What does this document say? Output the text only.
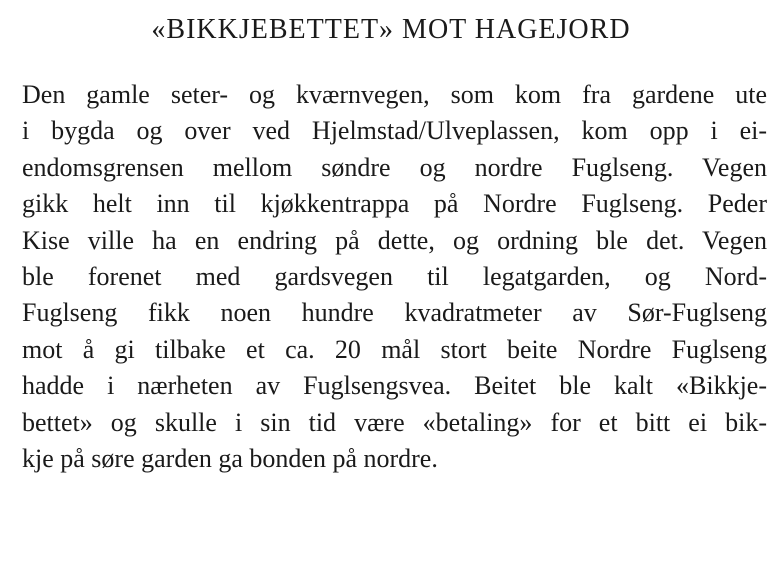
«BIKKJEBETTET» MOT HAGEJORD
Den gamle seter- og kværnvegen, som kom fra gardene ute
i bygda og over ved Hjelmstad/Ulveplassen, kom opp i ei-
endomsgrensen mellom søndre og nordre Fuglseng. Vegen
gikk helt inn til kjøkkentrappa på Nordre Fuglseng. Peder
Kise ville ha en endring på dette, og ordning ble det. Vegen
ble forenet med gardsvegen til legatgarden, og Nord-
Fuglseng fikk noen hundre kvadratmeter av Sør-Fuglseng
mot å gi tilbake et ca. 20 mål stort beite Nordre Fuglseng
hadde i nærheten av Fuglsengsvea. Beitet ble kalt «Bikkje-
bettet» og skulle i sin tid være «betaling» for et bitt ei bik-
kje på søre garden ga bonden på nordre.
